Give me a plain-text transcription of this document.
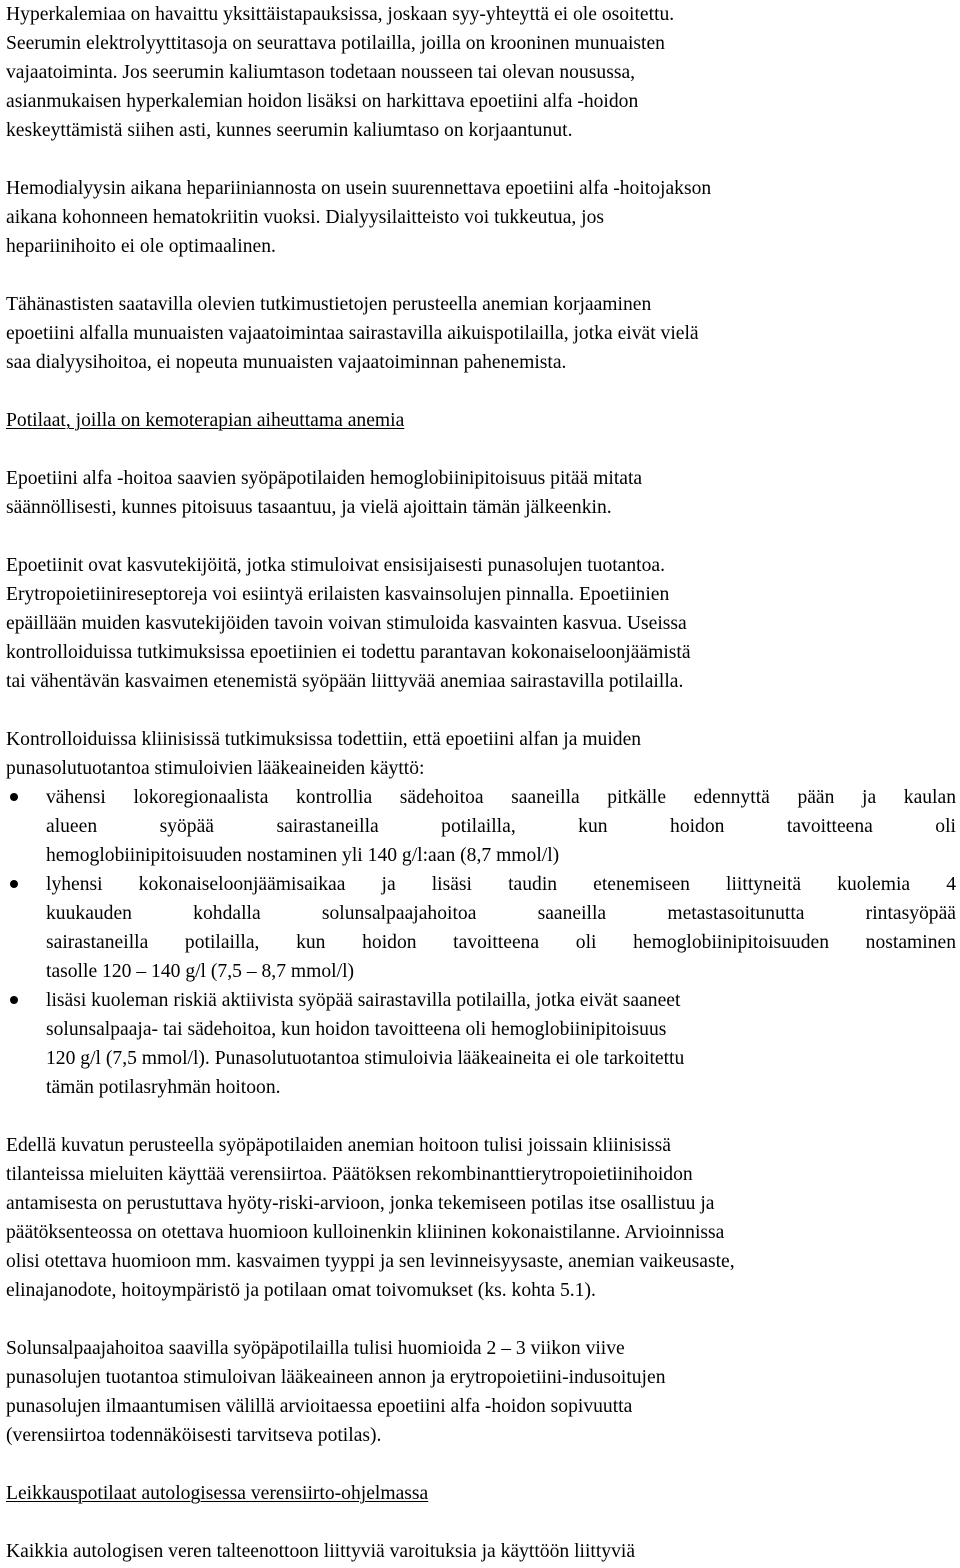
Hyperkalemiaa on havaittu yksittäistapauksissa, joskaan syy-yhteyttä ei ole osoitettu.
Seerumin elektrolyyttitasoja on seurattava potilailla, joilla on krooninen munuaisten
vajaatoiminta. Jos seerumin kaliumtason todetaan nousseen tai olevan nousussa,
asianmukaisen hyperkalemian hoidon lisäksi on harkittava epoetiini alfa -hoidon
keskeyttämistä siihen asti, kunnes seerumin kaliumtaso on korjaantunut.
Hemodialyysin aikana hepariiniannosta on usein suurennettava epoetiini alfa -hoitojakson
aikana kohonneen hematokriitin vuoksi. Dialyysilaitteisto voi tukkeutua, jos
hepariinihoito ei ole optimaalinen.
Tähänastisten saatavilla olevien tutkimustietojen perusteella anemian korjaaminen
epoetiini alfalla munuaisten vajaatoimintaa sairastavilla aikuispotilailla, jotka eivät vielä
saa dialyysihoitoa, ei nopeuta munuaisten vajaatoiminnan pahenemista.
Potilaat, joilla on kemoterapian aiheuttama anemia
Epoetiini alfa -hoitoa saavien syöpäpotilaiden hemoglobiinipitoisuus pitää mitata
säännöllisesti, kunnes pitoisuus tasaantuu, ja vielä ajoittain tämän jälkeenkin.
Epoetiinit ovat kasvutekijöitä, jotka stimuloivat ensisijaisesti punasolujen tuotantoa.
Erytropoietiinireseptoreja voi esiintyä erilaisten kasvainsolujen pinnalla. Epoetiinien
epäillään muiden kasvutekijöiden tavoin voivan stimuloida kasvainten kasvua. Useissa
kontrolloiduissa tutkimuksissa epoetiinien ei todettu parantavan kokonaiseloonjäämistä
tai vähentävän kasvaimen etenemistä syöpään liittyvää anemiaa sairastavilla potilailla.
Kontrolloiduissa kliinisissä tutkimuksissa todettiin, että epoetiini alfan ja muiden
punasolutuotantoa stimuloivien lääkeaineiden käyttö:
vähensi lokoregionaalista kontrollia sädehoitoa saaneilla pitkälle edennyttä pään ja kaulan
alueen syöpää sairastaneilla potilailla, kun hoidon tavoitteena oli
hemoglobiinipitoisuuden nostaminen yli 140 g/l:aan (8,7 mmol/l)
lyhensi kokonaiseloonjäämisaikaa ja lisäsi taudin etenemiseen liittyneitä kuolemia 4
kuukauden kohdalla solunsalpaajahoitoa saaneilla metastasoitunutta rintasyöpää
sairastaneilla potilailla, kun hoidon tavoitteena oli hemoglobiinipitoisuuden nostaminen
tasolle 120 – 140 g/l (7,5 – 8,7 mmol/l)
lisäsi kuoleman riskiä aktiivista syöpää sairastavilla potilailla, jotka eivät saaneet
solunsalpaaja- tai sädehoitoa, kun hoidon tavoitteena oli hemoglobiinipitoisuus
120 g/l (7,5 mmol/l). Punasolutuotantoa stimuloivia lääkeaineita ei ole tarkoitettu
tämän potilasryhmän hoitoon.
Edellä kuvatun perusteella syöpäpotilaiden anemian hoitoon tulisi joissain kliinisissä
tilanteissa mieluiten käyttää verensiirtoa. Päätöksen rekombinanttierytropoietiinihoidon
antamisesta on perustuttava hyöty-riski-arvioon, jonka tekemiseen potilas itse osallistuu ja
päätöksenteossa on otettava huomioon kulloinenkin kliininen kokonaistilanne. Arvioinnissa
olisi otettava huomioon mm. kasvaimen tyyppi ja sen levinneisyysaste, anemian vaikeusaste,
elinajanodote, hoitoympäristö ja potilaan omat toivomukset (ks. kohta 5.1).
Solunsalpaajahoitoa saavilla syöpäpotilailla tulisi huomioida 2 – 3 viikon viive
punasolujen tuotantoa stimuloivan lääkeaineen annon ja erytropoietiini-indusoitujen
punasolujen ilmaantumisen välillä arvioitaessa epoetiini alfa -hoidon sopivuutta
(verensiirtoa todennäköisesti tarvitseva potilas).
Leikkauspotilaat autologisessa verensiirto-ohjelmassa
Kaikkia autologisen veren talteenottoon liittyviä varoituksia ja käyttöön liittyviä
